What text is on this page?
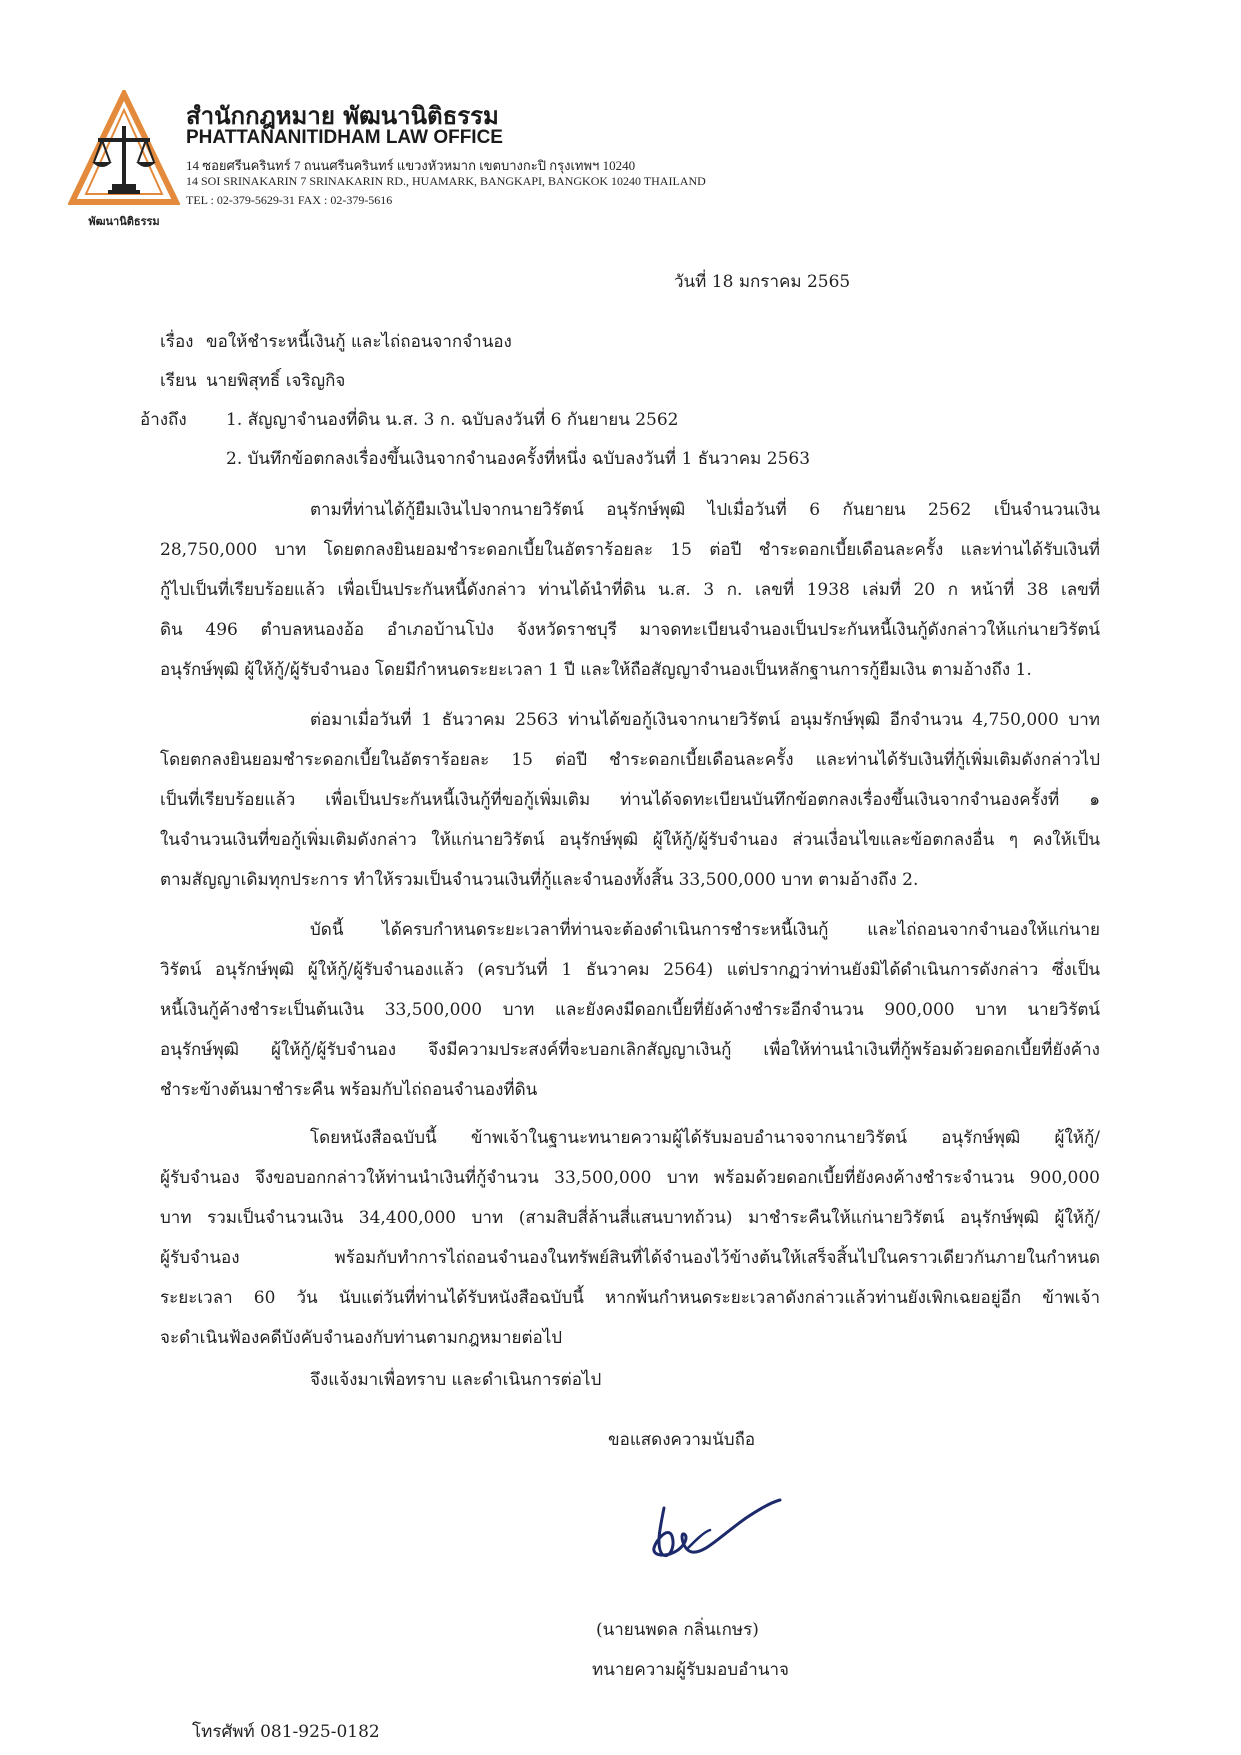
พัฒนานิติธรรม
สำนักกฎหมาย พัฒนานิติธรรม
PHATTANANITIDHAM LAW OFFICE
14 ซอยศรีนครินทร์ 7 ถนนศรีนครินทร์ แขวงหัวหมาก เขตบางกะปิ กรุงเทพฯ 10240
14 SOI SRINAKARIN 7 SRINAKARIN RD., HUAMARK, BANGKAPI, BANGKOK 10240 THAILAND
TEL : 02-379-5629-31 FAX : 02-379-5616
วันที่ 18 มกราคม 2565
เรื่อง ขอให้ชำระหนี้เงินกู้ และไถ่ถอนจากจำนอง
เรียน นายพิสุทธิ์ เจริญกิจ
อ้างถึง 1. สัญญาจำนองที่ดิน น.ส. 3 ก. ฉบับลงวันที่ 6 กันยายน 2562
2. บันทึกข้อตกลงเรื่องขึ้นเงินจากจำนองครั้งที่หนึ่ง ฉบับลงวันที่ 1 ธันวาคม 2563
ตามที่ท่านได้กู้ยืมเงินไปจากนายวิรัตน์ อนุรักษ์พุฒิ ไปเมื่อวันที่ 6 กันยายน 2562 เป็นจำนวนเงิน
28,750,000 บาท โดยตกลงยินยอมชำระดอกเบี้ยในอัตราร้อยละ 15 ต่อปี ชำระดอกเบี้ยเดือนละครั้ง และท่านได้รับเงินที่
กู้ไปเป็นที่เรียบร้อยแล้ว เพื่อเป็นประกันหนี้ดังกล่าว ท่านได้นำที่ดิน น.ส. 3 ก. เลขที่ 1938 เล่มที่ 20 ก หน้าที่ 38 เลขที่
ดิน 496 ตำบลหนองอ้อ อำเภอบ้านโป่ง จังหวัดราชบุรี มาจดทะเบียนจำนองเป็นประกันหนี้เงินกู้ดังกล่าวให้แก่นายวิรัตน์
อนุรักษ์พุฒิ ผู้ให้กู้/ผู้รับจำนอง โดยมีกำหนดระยะเวลา 1 ปี และให้ถือสัญญาจำนองเป็นหลักฐานการกู้ยืมเงิน ตามอ้างถึง 1.
ต่อมาเมื่อวันที่ 1 ธันวาคม 2563 ท่านได้ขอกู้เงินจากนายวิรัตน์ อนุมรักษ์พุฒิ อีกจำนวน 4,750,000 บาท
โดยตกลงยินยอมชำระดอกเบี้ยในอัตราร้อยละ 15 ต่อปี ชำระดอกเบี้ยเดือนละครั้ง และท่านได้รับเงินที่กู้เพิ่มเติมดังกล่าวไป
เป็นที่เรียบร้อยแล้ว เพื่อเป็นประกันหนี้เงินกู้ที่ขอกู้เพิ่มเติม ท่านได้จดทะเบียนบันทึกข้อตกลงเรื่องขึ้นเงินจากจำนองครั้งที่ ๑
ในจำนวนเงินที่ขอกู้เพิ่มเติมดังกล่าว ให้แก่นายวิรัตน์ อนุรักษ์พุฒิ ผู้ให้กู้/ผู้รับจำนอง ส่วนเงื่อนไขและข้อตกลงอื่น ๆ คงให้เป็น
ตามสัญญาเดิมทุกประการ ทำให้รวมเป็นจำนวนเงินที่กู้และจำนองทั้งสิ้น 33,500,000 บาท ตามอ้างถึง 2.
บัดนี้ ได้ครบกำหนดระยะเวลาที่ท่านจะต้องดำเนินการชำระหนี้เงินกู้ และไถ่ถอนจากจำนองให้แก่นาย
วิรัตน์ อนุรักษ์พุฒิ ผู้ให้กู้/ผู้รับจำนองแล้ว (ครบวันที่ 1 ธันวาคม 2564) แต่ปรากฏว่าท่านยังมิได้ดำเนินการดังกล่าว ซึ่งเป็น
หนี้เงินกู้ค้างชำระเป็นต้นเงิน 33,500,000 บาท และยังคงมีดอกเบี้ยที่ยังค้างชำระอีกจำนวน 900,000 บาท นายวิรัตน์
อนุรักษ์พุฒิ ผู้ให้กู้/ผู้รับจำนอง จึงมีความประสงค์ที่จะบอกเลิกสัญญาเงินกู้ เพื่อให้ท่านนำเงินที่กู้พร้อมด้วยดอกเบี้ยที่ยังค้าง
ชำระข้างต้นมาชำระคืน พร้อมกับไถ่ถอนจำนองที่ดิน
โดยหนังสือฉบับนี้ ข้าพเจ้าในฐานะทนายความผู้ได้รับมอบอำนาจจากนายวิรัตน์ อนุรักษ์พุฒิ ผู้ให้กู้/
ผู้รับจำนอง จึงขอบอกกล่าวให้ท่านนำเงินที่กู้จำนวน 33,500,000 บาท พร้อมด้วยดอกเบี้ยที่ยังคงค้างชำระจำนวน 900,000
บาท รวมเป็นจำนวนเงิน 34,400,000 บาท (สามสิบสี่ล้านสี่แสนบาทถ้วน) มาชำระคืนให้แก่นายวิรัตน์ อนุรักษ์พุฒิ ผู้ให้กู้/
ผู้รับจำนอง พร้อมกับทำการไถ่ถอนจำนองในทรัพย์สินที่ได้จำนองไว้ข้างต้นให้เสร็จสิ้นไปในคราวเดียวกันภายในกำหนด
ระยะเวลา 60 วัน นับแต่วันที่ท่านได้รับหนังสือฉบับนี้ หากพ้นกำหนดระยะเวลาดังกล่าวแล้วท่านยังเพิกเฉยอยู่อีก ข้าพเจ้า
จะดำเนินฟ้องคดีบังคับจำนองกับท่านตามกฎหมายต่อไป
จึงแจ้งมาเพื่อทราบ และดำเนินการต่อไป
ขอแสดงความนับถือ
(นายนพดล กลิ่นเกษร)
ทนายความผู้รับมอบอำนาจ
โทรศัพท์ 081-925-0182
